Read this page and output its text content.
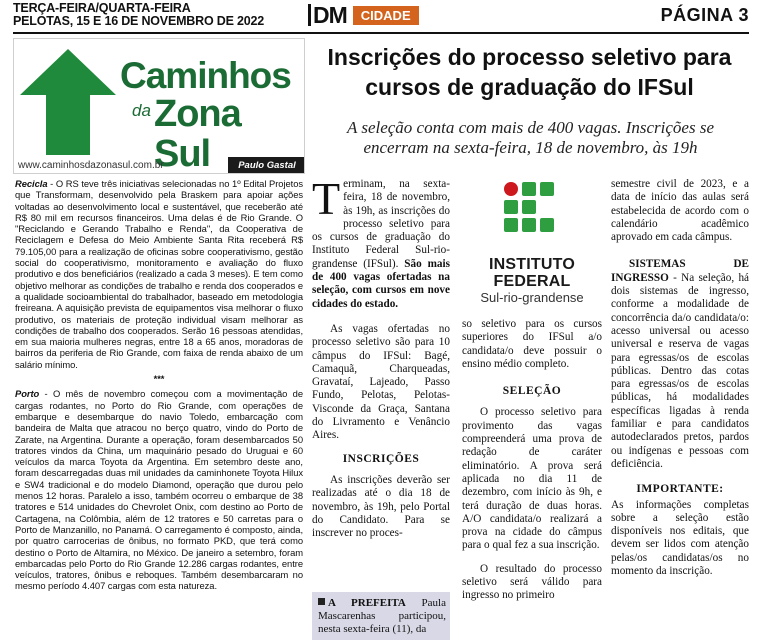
TERÇA-FEIRA/QUARTA-FEIRA
PELOTAS, 15 E 16 DE NOVEMBRO DE 2022	DM	CIDADE	PÁGINA 3
Caminhos
da Zona Sul
www.caminhosdazonasul.com.br	Paulo Gastal

Recicla - O RS teve três iniciativas selecionadas no 1º Edital Projetos que Transformam, desenvolvido pela Braskem para apoiar ações voltadas ao desenvolvimento local e sustentável, que receberão até R$ 80 mil em recursos financeiros. Uma delas é de Rio Grande. O "Reciclando e Gerando Trabalho e Renda", da Cooperativa de Reciclagem e Defesa do Meio Ambiente Santa Rita receberá R$ 79.105,00 para a realização de oficinas sobre cooperativismo, gestão social do cooperativismo, monitoramento e avaliação do fluxo produtivo e dos beneficiários (realizado a cada 3 meses). E tem como objetivo melhorar as condições de trabalho e renda dos cooperados e a qualidade socioambiental do trabalhador, baseado em metodologia freireana. A aquisição prevista de equipamentos visa melhorar o fluxo produtivo, os materiais de proteção individual visam melhorar as condições de trabalho dos cooperados. Serão 16 pessoas atendidas, em sua maioria mulheres negras, entre 18 a 65 anos, moradoras de bairros da periferia de Rio Grande, com faixa de renda abaixo de um salário mínimo.

***

Porto - O mês de novembro começou com a movimentação de cargas rodantes, no Porto do Rio Grande, com operações de embarque e desembarque do navio Toledo, embarcação com bandeira de Malta que atracou no berço quatro, vindo do Porto de Zarate, na Argentina. Durante a operação, foram desembarcados 50 tratores vindos da China, um maquinário pesado do Uruguai e 60 veículos da marca Toyota da Argentina. Em setembro deste ano, foram descarregadas duas mil unidades da caminhonete Toyota Hilux e SW4 tradicional e do modelo Diamond, operação que durou pelo menos 12 horas. Paralelo a isso, também ocorreu o embarque de 38 tratores e 514 unidades do Chevrolet Onix, com destino ao Porto de Cartagena, na Colômbia, além de 12 tratores e 50 carretas para o Porto de Manzanillo, no Panamá. O carregamento é composto, ainda, por quatro carrocerias de ônibus, no formato PKD, que terá como destino o Porto de Altamira, no México. De janeiro a setembro, foram embarcadas pelo Porto do Rio Grande 12.286 cargas rodantes, entre veículos, tratores, ônibus e reboques. Também desembarcaram no mesmo período 4.407 cargas com esta natureza.

Inscrições do processo seletivo para cursos de graduação do IFSul
A seleção conta com mais de 400 vagas. Inscrições se encerram na sexta-feira, 18 de novembro, às 19h

Terminam, na sexta-feira, 18 de novembro, às 19h, as inscrições do processo seletivo para os cursos de graduação do Instituto Federal Sul-rio-grandense (IFSul). São mais de 400 vagas ofertadas na seleção, com cursos em nove cidades do estado.

As vagas ofertadas no processo seletivo são para 10 câmpus do IFSul: Bagé, Camaquã, Charqueadas, Gravataí, Lajeado, Passo Fundo, Pelotas, Pelotas-Visconde da Graça, Santana do Livramento e Venâncio Aires.

INSCRIÇÕES

As inscrições deverão ser realizadas até o dia 18 de novembro, às 19h, pelo Portal do Candidato. Para se inscrever no proces-

INSTITUTO
FEDERAL
Sul-rio-grandense

so seletivo para os cursos superiores do IFSul a/o candidata/o deve possuir o ensino médio completo.

SELEÇÃO

O processo seletivo para provimento das vagas compreenderá uma prova de redação de caráter eliminatório. A prova será aplicada no dia 11 de dezembro, com início às 9h, e terá duração de duas horas. A/O candidata/o realizará a prova na cidade do câmpus para o qual fez a sua inscrição.

O resultado do processo seletivo será válido para ingresso no primeiro

semestre civil de 2023, e a data de início das aulas será estabelecida de acordo com o calendário acadêmico aprovado em cada câmpus.

SISTEMAS DE INGRESSO - Na seleção, há dois sistemas de ingresso, conforme a modalidade de concorrência da/o candidata/o: acesso universal ou acesso universal e reserva de vagas para egressas/os de escolas públicas. Dentro das cotas para egressas/os de escolas públicas, há modalidades específicas ligadas à renda familiar e para candidatos autodeclarados pretos, pardos ou indígenas e pessoas com deficiência.

IMPORTANTE:

As informações completas sobre a seleção estão disponíveis nos editais, que devem ser lidos com atenção pelas/os candidatas/os no momento da inscrição.

A PREFEITA Paula Mascarenhas participou, nesta sexta-feira (11), da
